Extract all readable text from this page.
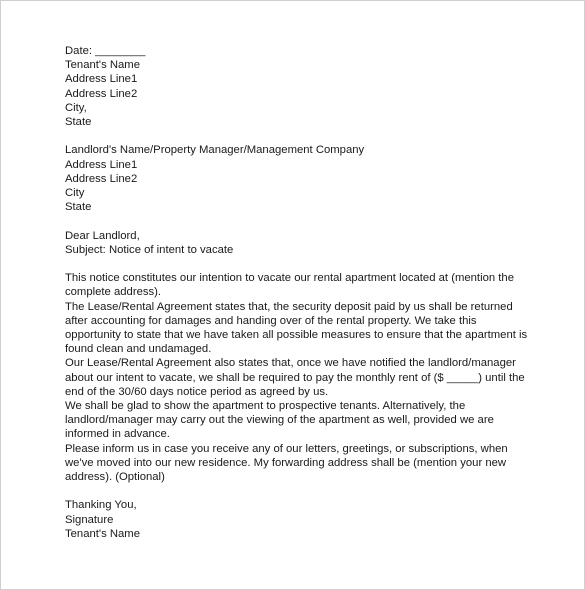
Date: ________
Tenant's Name
Address Line1
Address Line2
City,
State
Landlord's Name/Property Manager/Management Company
Address Line1
Address Line2
City
State
Dear Landlord,
Subject: Notice of intent to vacate
This notice constitutes our intention to vacate our rental apartment located at (mention the complete address).
The Lease/Rental Agreement states that, the security deposit paid by us shall be returned after accounting for damages and handing over of the rental property. We take this opportunity to state that we have taken all possible measures to ensure that the apartment is found clean and undamaged.
Our Lease/Rental Agreement also states that, once we have notified the landlord/manager about our intent to vacate, we shall be required to pay the monthly rent of ($ _____) until the end of the 30/60 days notice period as agreed by us.
We shall be glad to show the apartment to prospective tenants. Alternatively, the landlord/manager may carry out the viewing of the apartment as well, provided we are informed in advance.
Please inform us in case you receive any of our letters, greetings, or subscriptions, when we've moved into our new residence. My forwarding address shall be (mention your new address). (Optional)
Thanking You,
Signature
Tenant's Name
